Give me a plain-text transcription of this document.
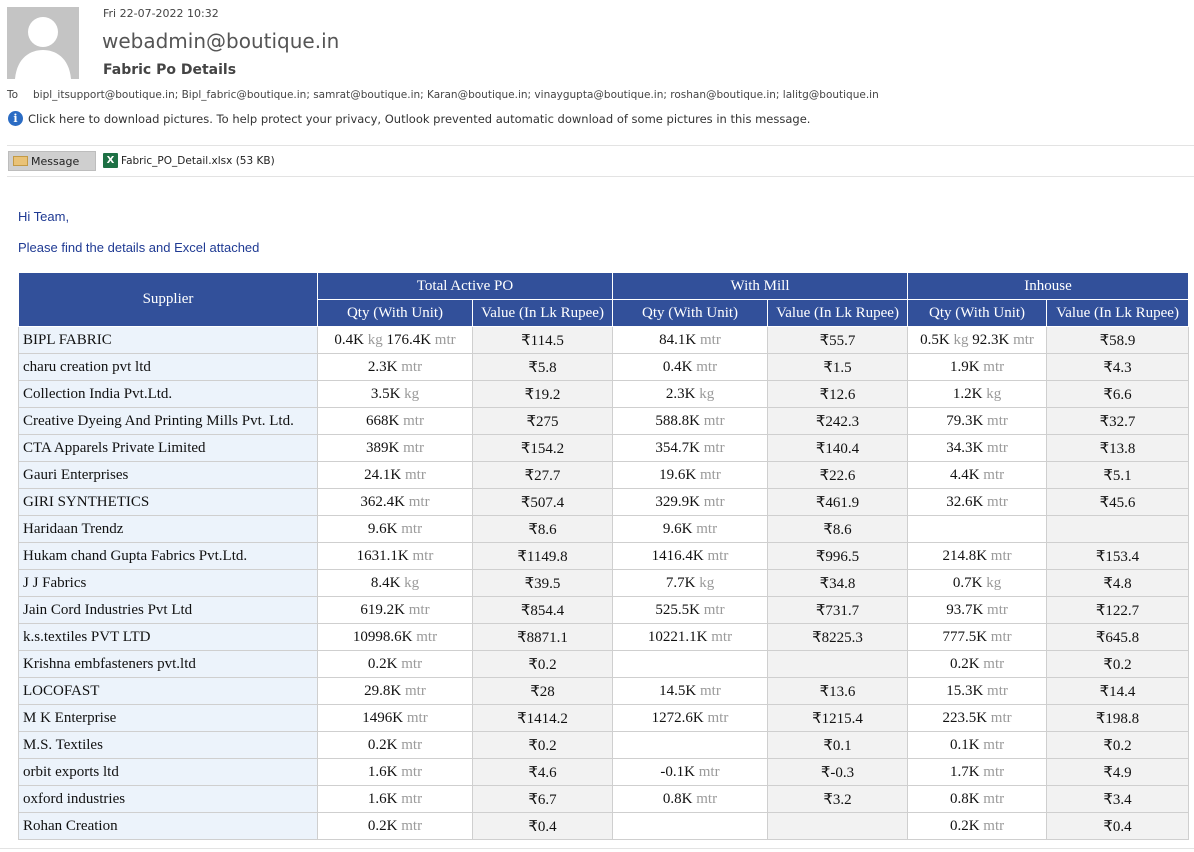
Fri 22-07-2022 10:32
webadmin@boutique.in
Fabric Po Details
To bipl_itsupport@boutique.in; Bipl_fabric@boutique.in; samrat@boutique.in; Karan@boutique.in; vinaygupta@boutique.in; roshan@boutique.in; lalitg@boutique.in
i Click here to download pictures. To help protect your privacy, Outlook prevented automatic download of some pictures in this message.
Message	X Fabric_PO_Detail.xlsx (53 KB)
Hi Team,
Please find the details and Excel attached
Supplier	Total Active PO		With Mill		Inhouse	
	Qty (With Unit)	Value (In Lk Rupee)	Qty (With Unit)	Value (In Lk Rupee)	Qty (With Unit)	Value (In Lk Rupee)
BIPL FABRIC	0.4K kg 176.4K mtr	₹114.5	84.1K mtr	₹55.7	0.5K kg 92.3K mtr	₹58.9
charu creation pvt ltd	2.3K mtr	₹5.8	0.4K mtr	₹1.5	1.9K mtr	₹4.3
Collection India Pvt.Ltd.	3.5K kg	₹19.2	2.3K kg	₹12.6	1.2K kg	₹6.6
Creative Dyeing And Printing Mills Pvt. Ltd.	668K mtr	₹275	588.8K mtr	₹242.3	79.3K mtr	₹32.7
CTA Apparels Private Limited	389K mtr	₹154.2	354.7K mtr	₹140.4	34.3K mtr	₹13.8
Gauri Enterprises	24.1K mtr	₹27.7	19.6K mtr	₹22.6	4.4K mtr	₹5.1
GIRI SYNTHETICS	362.4K mtr	₹507.4	329.9K mtr	₹461.9	32.6K mtr	₹45.6
Haridaan Trendz	9.6K mtr	₹8.6	9.6K mtr	₹8.6		
Hukam chand Gupta Fabrics Pvt.Ltd.	1631.1K mtr	₹1149.8	1416.4K mtr	₹996.5	214.8K mtr	₹153.4
J J Fabrics	8.4K kg	₹39.5	7.7K kg	₹34.8	0.7K kg	₹4.8
Jain Cord Industries Pvt Ltd	619.2K mtr	₹854.4	525.5K mtr	₹731.7	93.7K mtr	₹122.7
k.s.textiles PVT LTD	10998.6K mtr	₹8871.1	10221.1K mtr	₹8225.3	777.5K mtr	₹645.8
Krishna embfasteners pvt.ltd	0.2K mtr	₹0.2			0.2K mtr	₹0.2
LOCOFAST	29.8K mtr	₹28	14.5K mtr	₹13.6	15.3K mtr	₹14.4
M K Enterprise	1496K mtr	₹1414.2	1272.6K mtr	₹1215.4	223.5K mtr	₹198.8
M.S. Textiles	0.2K mtr	₹0.2		₹0.1	0.1K mtr	₹0.2
orbit exports ltd	1.6K mtr	₹4.6	-0.1K mtr	₹-0.3	1.7K mtr	₹4.9
oxford industries	1.6K mtr	₹6.7	0.8K mtr	₹3.2	0.8K mtr	₹3.4
Rohan Creation	0.2K mtr	₹0.4			0.2K mtr	₹0.4
